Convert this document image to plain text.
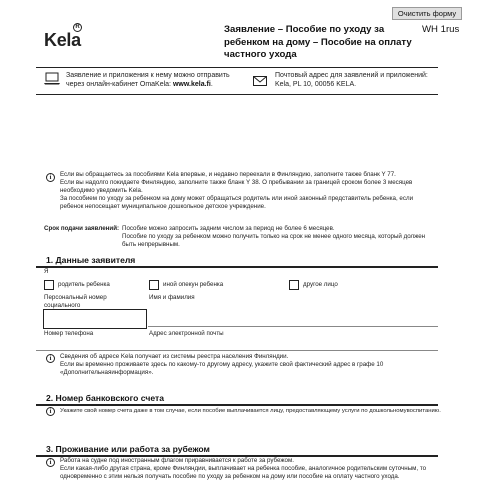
Очистить форму
Kela
R	Заявление – Пособие по уходу за ребенком на дому – Пособие на оплату частного ухода
WH 1rus
Заявление и приложения к нему можно отправить
через онлайн-кабинет OmaKela: www.kela.fi.
Почтовый адрес для заявлений и приложений:
Kela, PL 10, 00056 KELA.
i	Если вы обращаетесь за пособиями Kela впервые, и недавно переехали в Финляндию, заполните также бланк Y 77.
Если вы надолго покидаете Финляндию, заполните также бланк Y 38. О пребывании за границей сроком более 3 месяцев
необходимо уведомить Kela.
За пособием по уходу за ребенком на дому может обращаться родитель или иной законный представитель ребенка, если
ребенок непосещает муниципальное дошкольное детское учреждение.
Срок подачи заявлений: Пособие можно запросить задним числом за период не более 6 месяцев.
Пособие по уходу за ребенком можно получить только на срок не менее одного месяца, который должен
быть непрерывным.
1. Данные заявителя
Я
родитель ребенка	иной опекун ребенка	другое лицо
Персональный номер социального
Имя и фамилия
Номер телефона	Адрес электронной почты
i	Сведения об адресе Kela получает из системы реестра населения Финляндии.
Если вы временно проживаете здесь по какому-то другому адресу, укажите свой фактический адрес в графе 10
«Дополнительнаяинформация».
2. Номер банковского счета
i	Укажите свой номер счета даже в том случае, если пособие выплачивается лицу, предоставляющему услуги по дошкольномувоспитанию.
3. Проживание или работа за рубежом
i	Работа на судне под иностранным флагом приравнивается к работе за рубежом.
Если какая-либо другая страна, кроме Финляндии, выплачивает на ребенка пособие, аналогичное родительским суточным, то
одновременно с этим нельзя получать пособие по уходу за ребенком на дому или пособие на оплату частного ухода.
